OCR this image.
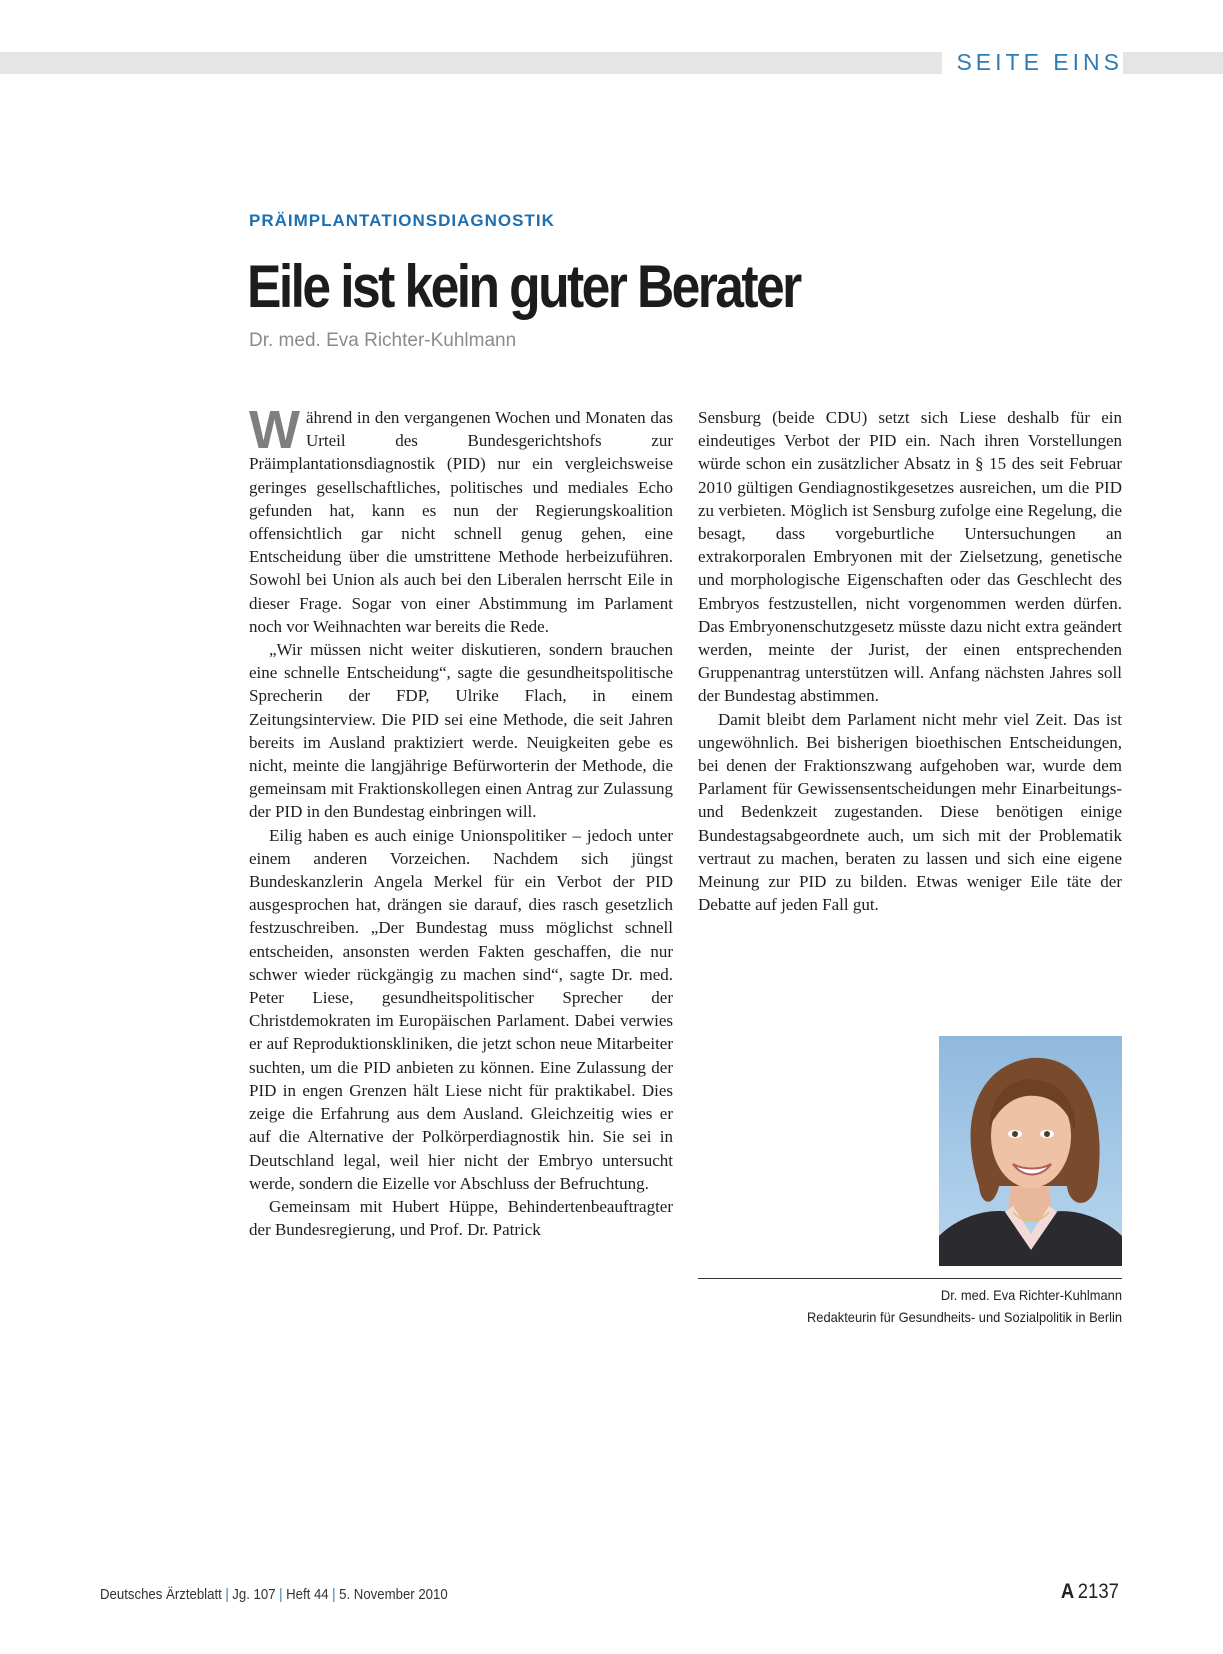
SEITE EINS
PRÄIMPLANTATIONSDIAGNOSTIK
Eile ist kein guter Berater
Dr. med. Eva Richter-Kuhlmann

Während in den vergangenen Wochen und Monaten das Urteil des Bundesgerichtshofs zur Präimplantationsdiagnostik (PID) nur ein vergleichsweise geringes gesellschaftliches, politisches und mediales Echo gefunden hat, kann es nun der Regierungskoalition offensichtlich gar nicht schnell genug gehen, eine Entscheidung über die umstrittene Methode herbeizuführen. Sowohl bei Union als auch bei den Liberalen herrscht Eile in dieser Frage. Sogar von einer Abstimmung im Parlament noch vor Weihnachten war bereits die Rede.

„Wir müssen nicht weiter diskutieren, sondern brauchen eine schnelle Entscheidung“, sagte die gesundheitspolitische Sprecherin der FDP, Ulrike Flach, in einem Zeitungsinterview. Die PID sei eine Methode, die seit Jahren bereits im Ausland praktiziert werde. Neuigkeiten gebe es nicht, meinte die langjährige Befürworterin der Methode, die gemeinsam mit Fraktionskollegen einen Antrag zur Zulassung der PID in den Bundestag einbringen will.

Eilig haben es auch einige Unionspolitiker – jedoch unter einem anderen Vorzeichen. Nachdem sich jüngst Bundeskanzlerin Angela Merkel für ein Verbot der PID ausgesprochen hat, drängen sie darauf, dies rasch gesetzlich festzuschreiben. „Der Bundestag muss möglichst schnell entscheiden, ansonsten werden Fakten geschaffen, die nur schwer wieder rückgängig zu machen sind“, sagte Dr. med. Peter Liese, gesundheitspolitischer Sprecher der Christdemokraten im Europäischen Parlament. Dabei verwies er auf Reproduktionskliniken, die jetzt schon neue Mitarbeiter suchten, um die PID anbieten zu können. Eine Zulassung der PID in engen Grenzen hält Liese nicht für praktikabel. Dies zeige die Erfahrung aus dem Ausland. Gleichzeitig wies er auf die Alternative der Polkörperdiagnostik hin. Sie sei in Deutschland legal, weil hier nicht der Embryo untersucht werde, sondern die Eizelle vor Abschluss der Befruchtung.

Gemeinsam mit Hubert Hüppe, Behindertenbeauftragter der Bundesregierung, und Prof. Dr. Patrick

Sensburg (beide CDU) setzt sich Liese deshalb für ein eindeutiges Verbot der PID ein. Nach ihren Vorstellungen würde schon ein zusätzlicher Absatz in § 15 des seit Februar 2010 gültigen Gendiagnostikgesetzes ausreichen, um die PID zu verbieten. Möglich ist Sensburg zufolge eine Regelung, die besagt, dass vorgeburtliche Untersuchungen an extrakorporalen Embryonen mit der Zielsetzung, genetische und morphologische Eigenschaften oder das Geschlecht des Embryos festzustellen, nicht vorgenommen werden dürfen. Das Embryonenschutzgesetz müsste dazu nicht extra geändert werden, meinte der Jurist, der einen entsprechenden Gruppenantrag unterstützen will. Anfang nächsten Jahres soll der Bundestag abstimmen.

Damit bleibt dem Parlament nicht mehr viel Zeit. Das ist ungewöhnlich. Bei bisherigen bioethischen Entscheidungen, bei denen der Fraktionszwang aufgehoben war, wurde dem Parlament für Gewissensentscheidungen mehr Einarbeitungs- und Bedenkzeit zugestanden. Diese benötigen einige Bundestagsabgeordnete auch, um sich mit der Problematik vertraut zu machen, beraten zu lassen und sich eine eigene Meinung zur PID zu bilden. Etwas weniger Eile täte der Debatte auf jeden Fall gut.

Dr. med. Eva Richter-Kuhlmann
Redakteurin für Gesundheits- und Sozialpolitik in Berlin
Deutsches Ärzteblatt | Jg. 107 | Heft 44 | 5. November 2010	A 2137
